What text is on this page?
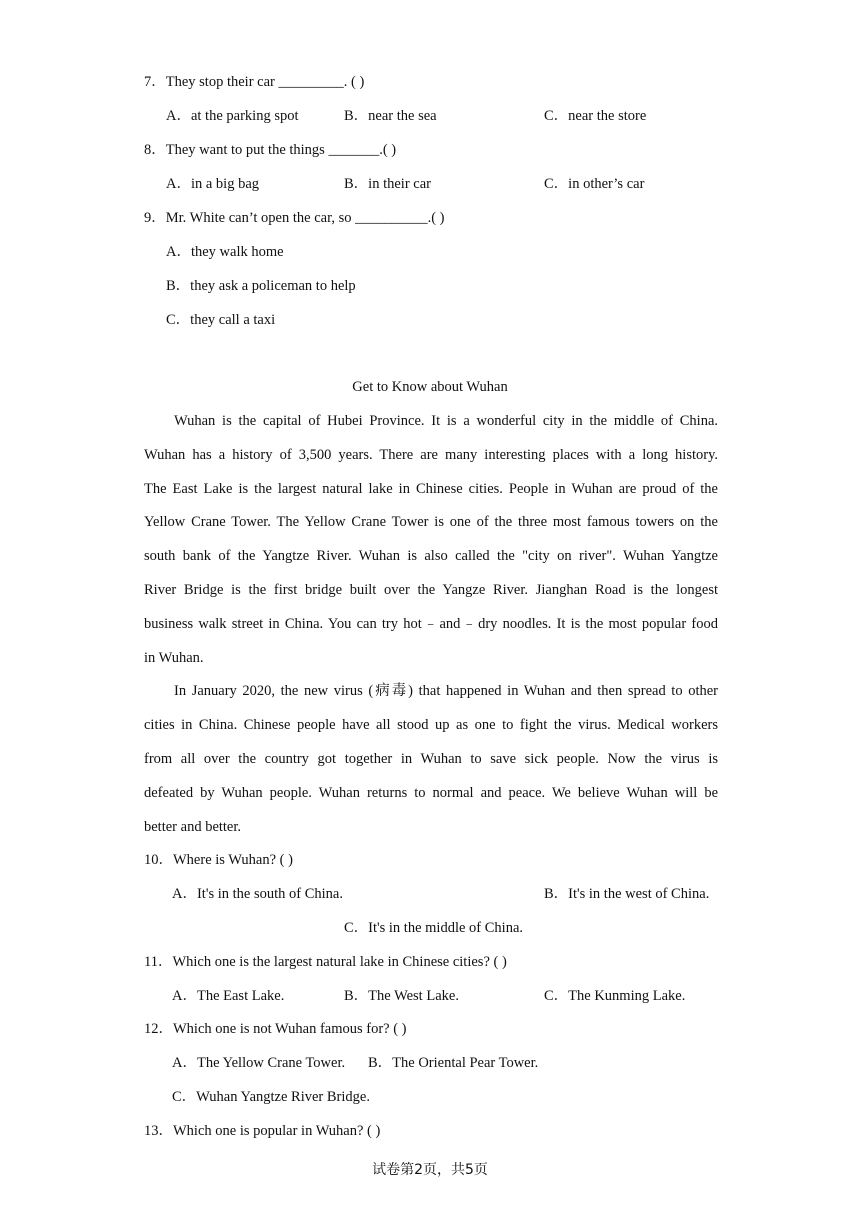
7．They stop their car _________. ( )
A．at the parking spot	B．near the sea	C．near the store
8．They want to put the things _______.( )
A．in a big bag	B．in their car	C．in other’s car
9．Mr. White can’t open the car, so __________.( )
A．they walk home
B．they ask a policeman to help
C．they call a taxi
Get to Know about Wuhan
Wuhan is the capital of Hubei Province. It is a wonderful city in the middle of China.
Wuhan has a history of 3,500 years. There are many interesting places with a long history.
The East Lake is the largest natural lake in Chinese cities. People in Wuhan are proud of the
Yellow Crane Tower. The Yellow Crane Tower is one of the three most famous towers on the
south bank of the Yangtze River. Wuhan is also called the "city on river". Wuhan Yangtze
River Bridge is the first bridge built over the Yangze River. Jianghan Road is the longest
business walk street in China. You can try hot﹣and﹣dry noodles. It is the most popular food
in Wuhan.
In January 2020, the new virus (病毒) that happened in Wuhan and then spread to other
cities in China. Chinese people have all stood up as one to fight the virus. Medical workers
from all over the country got together in Wuhan to save sick people. Now the virus is
defeated by Wuhan people. Wuhan returns to normal and peace. We believe Wuhan will be
better and better.
10．Where is Wuhan? ( )
A．It's in the south of China.	B．It's in the west of China.
C．It's in the middle of China.
11．Which one is the largest natural lake in Chinese cities? ( )
A．The East Lake.	B．The West Lake.	C．The Kunming Lake.
12．Which one is not Wuhan famous for? ( )
A．The Yellow Crane Tower. B．The Oriental Pear Tower.
C．Wuhan Yangtze River Bridge.
13．Which one is popular in Wuhan? ( )
试卷第2页，共5页
